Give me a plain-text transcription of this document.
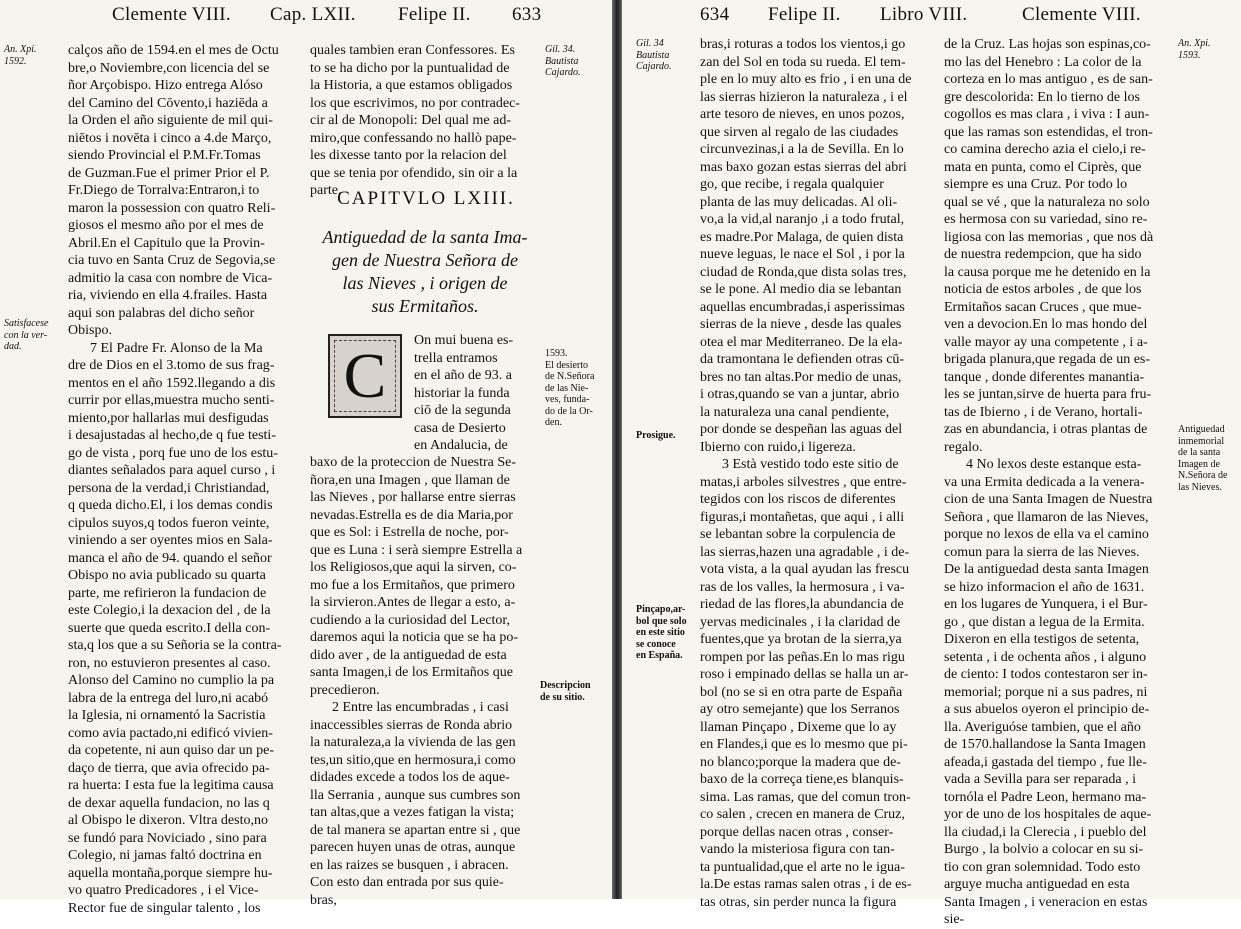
Clemente VIII. Cap. LXII. Felipe II. 633
An. Xpi.
1592.
Satisfacese
con la ver-
dad.
Gil. 34.
Bautista
Cajardo.
1593.
El desierto
de N.Señora
de las Nie-
ves, funda-
do de la Or-
den.
Descripcion
de su sitio.
calços año de 1594.en el mes de Octu
bre,o Noviembre,con licencia del se
ñor Arçobispo. Hizo entrega Alóso
del Camino del Cōvento,i haziēda a
la Orden el año siguiente de mil qui-
niētos i novēta i cinco a 4.de Março,
siendo Provincial el P.M.Fr.Tomas
de Guzman.Fue el primer Prior el P.
Fr.Diego de Torralva:Entraron,i to
maron la possession con quatro Reli-
giosos el mesmo año por el mes de
Abril.En el Capitulo que la Provin-
cia tuvo en Santa Cruz de Segovia,se
admitio la casa con nombre de Vica-
ria, viviendo en ella 4.frailes. Hasta
aqui son palabras del dicho señor
Obispo.
7 El Padre Fr. Alonso de la Ma
dre de Dios en el 3.tomo de sus frag-
mentos en el año 1592.llegando a dis
currir por ellas,muestra mucho senti-
miento,por hallarlas mui desfigudas
i desajustadas al hecho,de q fue testi-
go de vista , porq fue uno de los estu-
diantes señalados para aquel curso , i
persona de la verdad,i Christiandad,
q queda dicho.El, i los demas condis
cipulos suyos,q todos fueron veinte,
viniendo a ser oyentes mios en Sala-
manca el año de 94. quando el señor
Obispo no avia publicado su quarta
parte, me refirieron la fundacion de
este Colegio,i la dexacion del , de la
suerte que queda escrito.I della con-
sta,q los que a su Señoria se la contra-
ron, no estuvieron presentes al caso.
Alonso del Camino no cumplio la pa
labra de la entrega del luro,ni acabó
la Iglesia, ni ornamentó la Sacristia
como avia pactado,ni edificó vivien-
da copetente, ni aun quiso dar un pe-
daço de tierra, que avia ofrecido pa-
ra huerta: I esta fue la legitima causa
de dexar aquella fundacion, no las q
al Obispo le dixeron. Vltra desto,no
se fundó para Noviciado , sino para
Colegio, ni jamas faltó doctrina en
aquella montaña,porque siempre hu-
vo quatro Predicadores , i el Vice-
Rector fue de singular talento , los
quales tambien eran Confessores. Es
to se ha dicho por la puntualidad de
la Historia, a que estamos obligados
los que escrivimos, no por contradec-
cir al de Monopoli: Del qual me ad-
miro,que confessando no hallò pape-
les dixesse tanto por la relacion del
que se tenia por ofendido, sin oir a la
parte.
CAPITVLO LXIII.
Antiguedad de la santa Ima-
gen de Nuestra Señora de
las Nieves , i origen de
sus Ermitaños.
C On mui buena es-
trella entramos
en el año de 93. a
historiar la funda
ciō de la segunda
casa de Desierto
en Andalucia, de
baxo de la proteccion de Nuestra Se-
ñora,en una Imagen , que llaman de
las Nieves , por hallarse entre sierras
nevadas.Estrella es de dia Maria,por
que es Sol: i Estrella de noche, por-
que es Luna : i serà siempre Estrella a
los Religiosos,que aqui la sirven, co-
mo fue a los Ermitaños, que primero
la sirvieron.Antes de llegar a esto, a-
cudiendo a la curiosidad del Lector,
daremos aqui la noticia que se ha po-
dido aver , de la antiguedad de esta
santa Imagen,i de los Ermitaños que
precedieron.
2 Entre las encumbradas , i casi
inaccessibles sierras de Ronda abrio
la naturaleza,a la vivienda de las gen
tes,un sitio,que en hermosura,i como
didades excede a todos los de aque-
lla Serrania , aunque sus cumbres son
tan altas,que a vezes fatigan la vista;
de tal manera se apartan entre si , que
parecen huyen unas de otras, aunque
en las raizes se busquen , i abracen.
Con esto dan entrada por sus quie-
bras,
634 Felipe II. Libro VIII.	Clemente VIII.
Gil. 34
Bautista
Cajardo.
Prosigue.
Pinçapo,ar-
bol que solo
en este sitio
se conoce
en España.
An. Xpi.
1593.
Antiguedad
inmemorial
de la santa
Imagen de
N.Señora de
las Nieves.
bras,i roturas a todos los vientos,i go
zan del Sol en toda su rueda. El tem-
ple en lo muy alto es frio , i en una de
las sierras hizieron la naturaleza , i el
arte tesoro de nieves, en unos pozos,
que sirven al regalo de las ciudades
circunvezinas,i a la de Sevilla. En lo
mas baxo gozan estas sierras del abri
go, que recibe, i regala qualquier
planta de las muy delicadas. Al oli-
vo,a la vid,al naranjo ,i a todo frutal,
es madre.Por Malaga, de quien dista
nueve leguas, le nace el Sol , i por la
ciudad de Ronda,que dista solas tres,
se le pone. Al medio dia se lebantan
aquellas encumbradas,i asperissimas
sierras de la nieve , desde las quales
otea el mar Mediterraneo. De la ela-
da tramontana le defienden otras cū-
bres no tan altas.Por medio de unas,
i otras,quando se van a juntar, abrio
la naturaleza una canal pendiente,
por donde se despeñan las aguas del
Ibierno con ruido,i ligereza.
3 Està vestido todo este sitio de
matas,i arboles silvestres , que entre-
tegidos con los riscos de diferentes
figuras,i montañetas, que aqui , i alli
se lebantan sobre la corpulencia de
las sierras,hazen una agradable , i de-
vota vista, a la qual ayudan las frescu
ras de los valles, la hermosura , i va-
riedad de las flores,la abundancia de
yervas medicinales , i la claridad de
fuentes,que ya brotan de la sierra,ya
rompen por las peñas.En lo mas rigu
roso i empinado dellas se halla un ar-
bol (no se si en otra parte de España
ay otro semejante) que los Serranos
llaman Pinçapo , Dixeme que lo ay
en Flandes,i que es lo mesmo que pi-
no blanco;porque la madera que de-
baxo de la correça tiene,es blanquis-
sima. Las ramas, que del comun tron-
co salen , crecen en manera de Cruz,
porque dellas nacen otras , conser-
vando la misteriosa figura con tan-
ta puntualidad,que el arte no le igua-
la.De estas ramas salen otras , i de es-
tas otras, sin perder nunca la figura
de la Cruz. Las hojas son espinas,co-
mo las del Henebro : La color de la
corteza en lo mas antiguo , es de san-
gre descolorida: En lo tierno de los
cogollos es mas clara , i viva : I aun-
que las ramas son estendidas, el tron-
co camina derecho azia el cielo,i re-
mata en punta, como el Ciprès, que
siempre es una Cruz. Por todo lo
qual se vé , que la naturaleza no solo
es hermosa con su variedad, sino re-
ligiosa con las memorias , que nos dà
de nuestra redempcion, que ha sido
la causa porque me he detenido en la
noticia de estos arboles , de que los
Ermitaños sacan Cruces , que mue-
ven a devocion.En lo mas hondo del
valle mayor ay una competente , i a-
brigada planura,que regada de un es-
tanque , donde diferentes manantia-
les se juntan,sirve de huerta para fru-
tas de Ibierno , i de Verano, hortali-
zas en abundancia, i otras plantas de
regalo.
4 No lexos deste estanque esta-
va una Ermita dedicada a la venera-
cion de una Santa Imagen de Nuestra
Señora , que llamaron de las Nieves,
porque no lexos de ella va el camino
comun para la sierra de las Nieves.
De la antiguedad desta santa Imagen
se hizo informacion el año de 1631.
en los lugares de Yunquera, i el Bur-
go , que distan a legua de la Ermita.
Dixeron en ella testigos de setenta,
setenta , i de ochenta años , i alguno
de ciento: I todos contestaron ser in-
memorial; porque ni a sus padres, ni
a sus abuelos oyeron el principio de-
lla. Averiguóse tambien, que el año
de 1570.hallandose la Santa Imagen
afeada,i gastada del tiempo , fue lle-
vada a Sevilla para ser reparada , i
tornóla el Padre Leon, hermano ma-
yor de uno de los hospitales de aque-
lla ciudad,i la Clerecia , i pueblo del
Burgo , la bolvio a colocar en su si-
tio con gran solemnidad. Todo esto
arguye mucha antiguedad en esta
Santa Imagen , i veneracion en estas
sie-
